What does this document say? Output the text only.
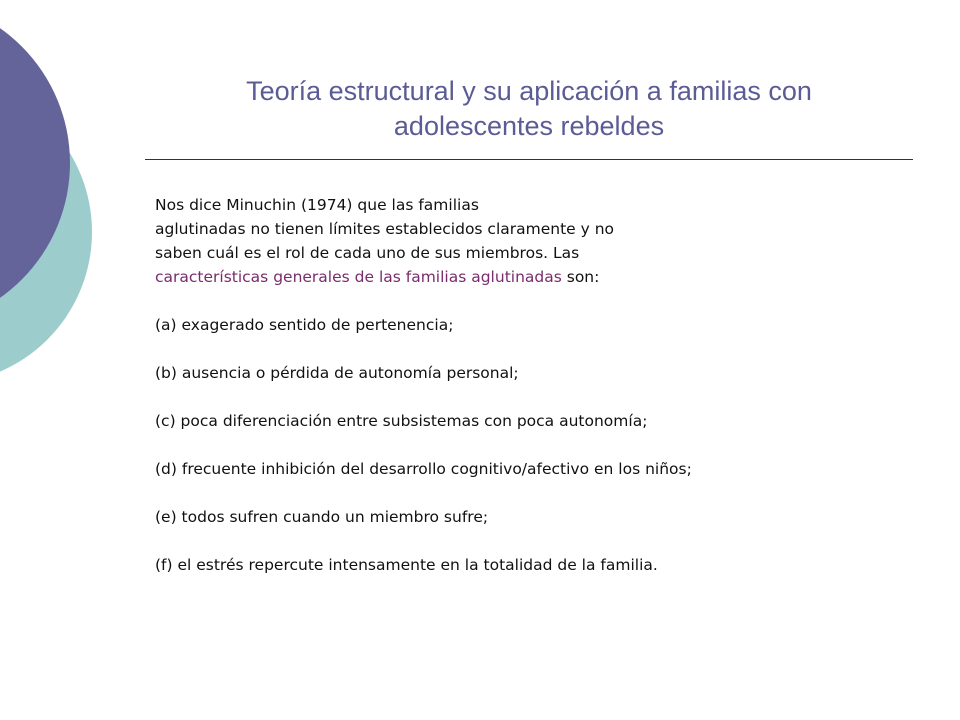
Teoría estructural y su aplicación a familias con
adolescentes rebeldes

Nos dice Minuchin (1974) que las familias

aglutinadas no tienen límites establecidos claramente y no

saben cuál es el rol de cada uno de sus miembros. Las

características generales de las familias aglutinadas son:

(a) exagerado sentido de pertenencia;
(b) ausencia o pérdida de autonomía personal;
(c) poca diferenciación entre subsistemas con poca autonomía;
(d) frecuente inhibición del desarrollo cognitivo/afectivo en los niños;
(e) todos sufren cuando un miembro sufre;
(f) el estrés repercute intensamente en la totalidad de la familia.
